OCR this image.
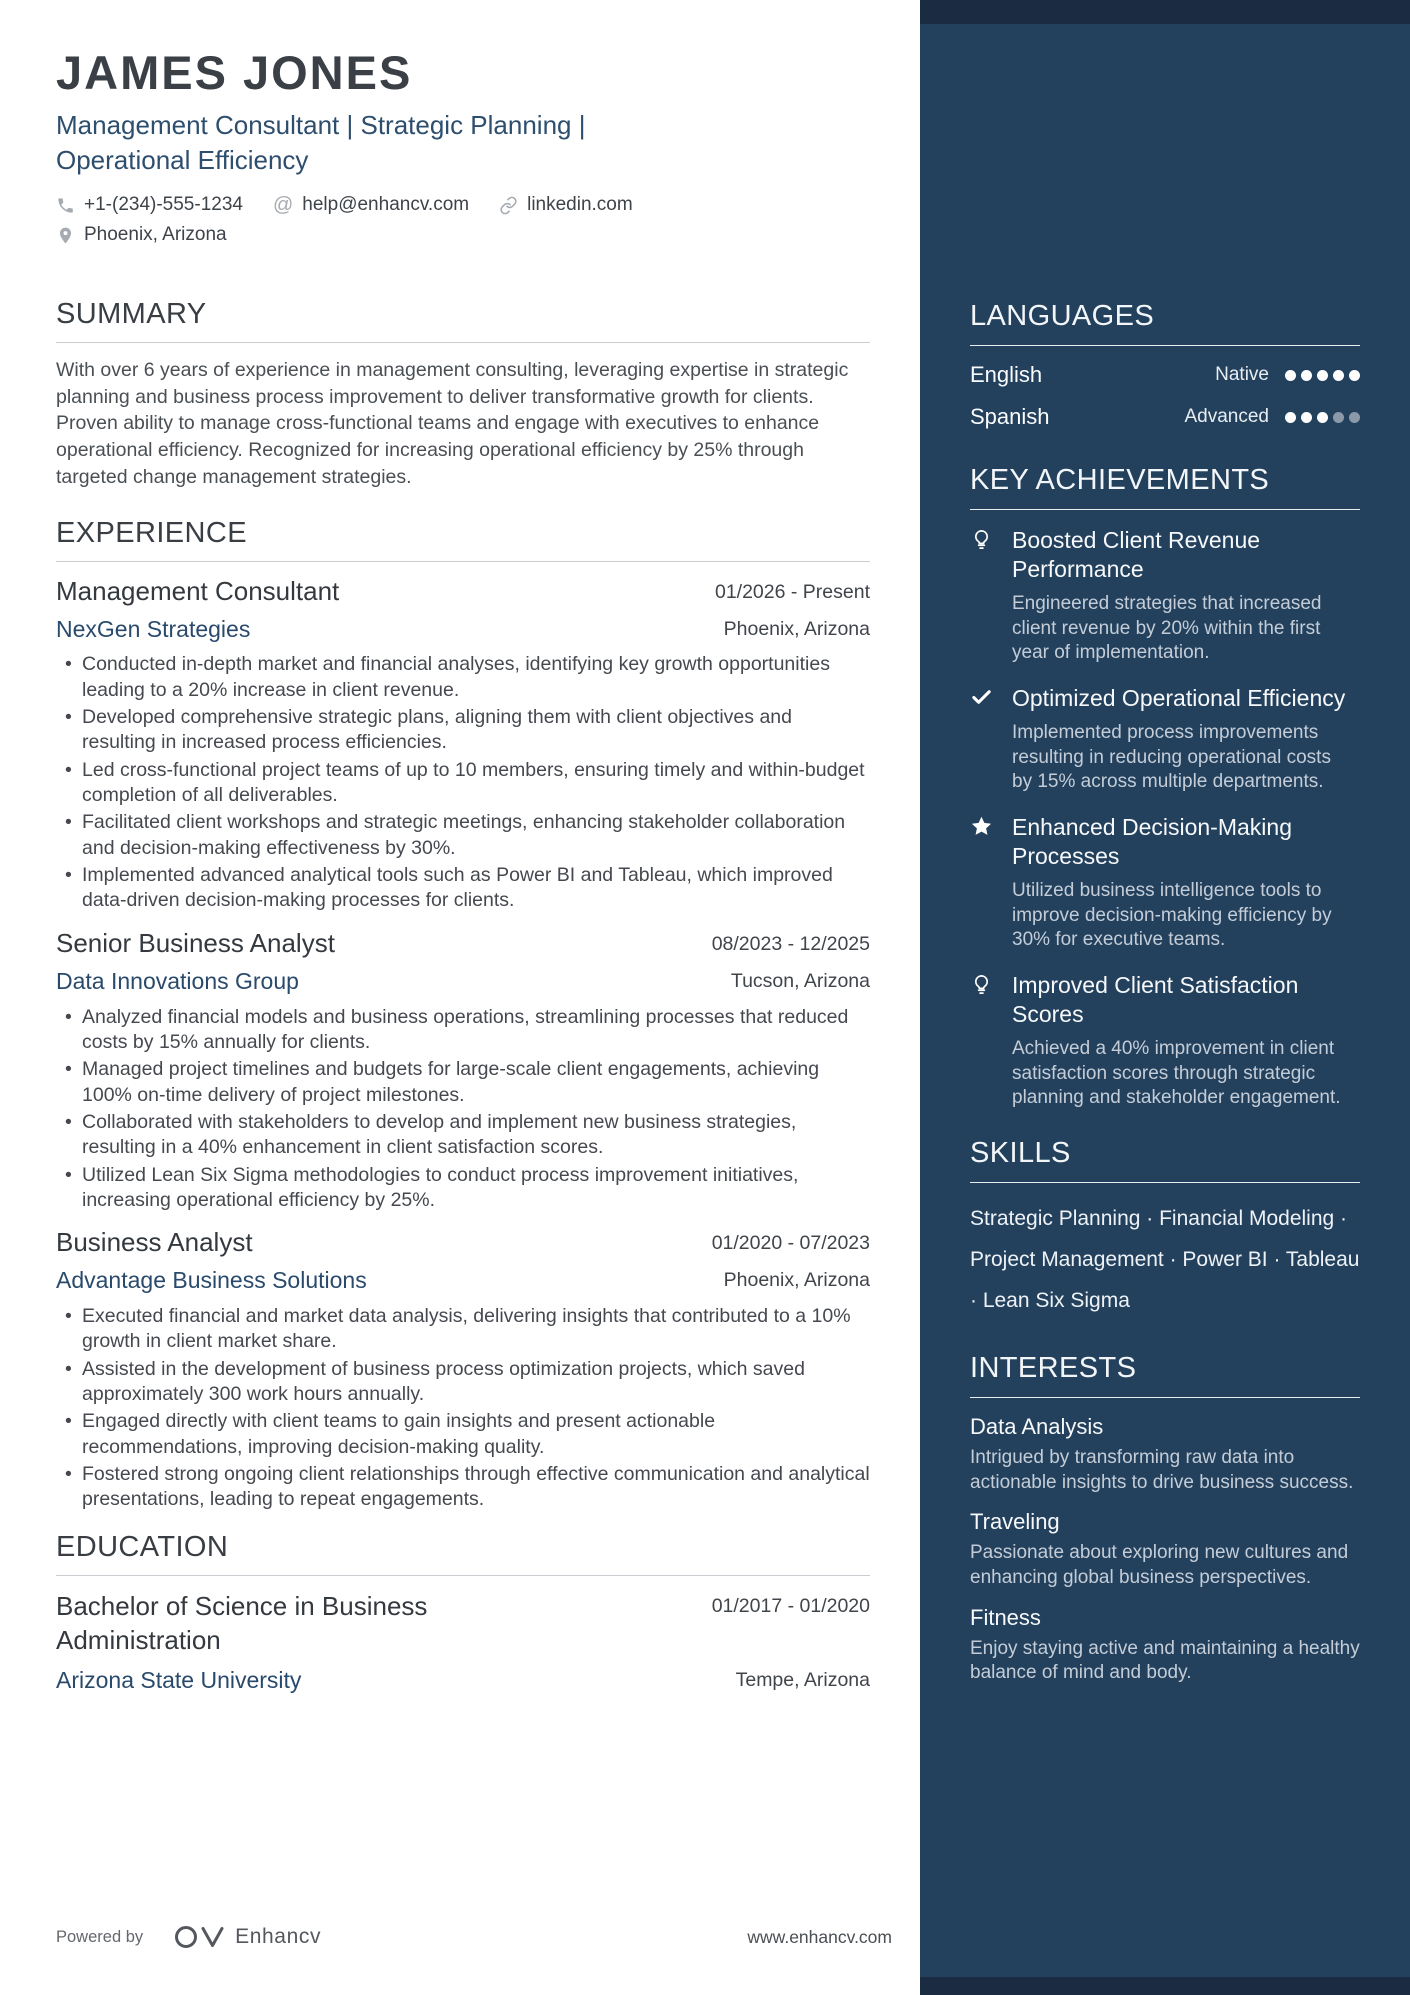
JAMES JONES
Management Consultant | Strategic Planning | Operational Efficiency
+1-(234)-555-1234 @ help@enhancv.com	linkedin.com
Phoenix, Arizona
SUMMARY

With over 6 years of experience in management consulting, leveraging expertise in strategic planning and business process improvement to deliver transformative growth for clients. Proven ability to manage cross-functional teams and engage with executives to enhance operational efficiency. Recognized for increasing operational efficiency by 25% through targeted change management strategies.

EXPERIENCE
Management Consultant	01/2026 - Present
NexGen Strategies	Phoenix, Arizona
• Conducted in-depth market and financial analyses, identifying key growth opportunities leading to a 20% increase in client revenue.
• Developed comprehensive strategic plans, aligning them with client objectives and resulting in increased process efficiencies.
• Led cross-functional project teams of up to 10 members, ensuring timely and within-budget completion of all deliverables.
• Facilitated client workshops and strategic meetings, enhancing stakeholder collaboration and decision-making effectiveness by 30%.
• Implemented advanced analytical tools such as Power BI and Tableau, which improved data-driven decision-making processes for clients.
Senior Business Analyst	08/2023 - 12/2025
Data Innovations Group	Tucson, Arizona
• Analyzed financial models and business operations, streamlining processes that reduced costs by 15% annually for clients.
• Managed project timelines and budgets for large-scale client engagements, achieving 100% on-time delivery of project milestones.
• Collaborated with stakeholders to develop and implement new business strategies, resulting in a 40% enhancement in client satisfaction scores.
• Utilized Lean Six Sigma methodologies to conduct process improvement initiatives, increasing operational efficiency by 25%.
Business Analyst	01/2020 - 07/2023
Advantage Business Solutions	Phoenix, Arizona
• Executed financial and market data analysis, delivering insights that contributed to a 10% growth in client market share.
• Assisted in the development of business process optimization projects, which saved approximately 300 work hours annually.
• Engaged directly with client teams to gain insights and present actionable recommendations, improving decision-making quality.
• Fostered strong ongoing client relationships through effective communication and analytical presentations, leading to repeat engagements.
EDUCATION
Bachelor of Science in Business Administration
01/2017 - 01/2020
Arizona State University	Tempe, Arizona
Powered by	Enhancv	www.enhancv.com
LANGUAGES
English	Native
Spanish	Advanced
KEY ACHIEVEMENTS
Boosted Client Revenue Performance
Engineered strategies that increased client revenue by 20% within the first year of implementation.
Optimized Operational Efficiency
Implemented process improvements resulting in reducing operational costs by 15% across multiple departments.
Enhanced Decision-Making Processes
Utilized business intelligence tools to improve decision-making efficiency by 30% for executive teams.
Improved Client Satisfaction Scores
Achieved a 40% improvement in client satisfaction scores through strategic planning and stakeholder engagement.
SKILLS

Strategic Planning · Financial Modeling · Project Management · Power BI · Tableau · Lean Six Sigma

INTERESTS
Data Analysis
Intrigued by transforming raw data into actionable insights to drive business success.
Traveling
Passionate about exploring new cultures and enhancing global business perspectives.
Fitness
Enjoy staying active and maintaining a healthy balance of mind and body.
